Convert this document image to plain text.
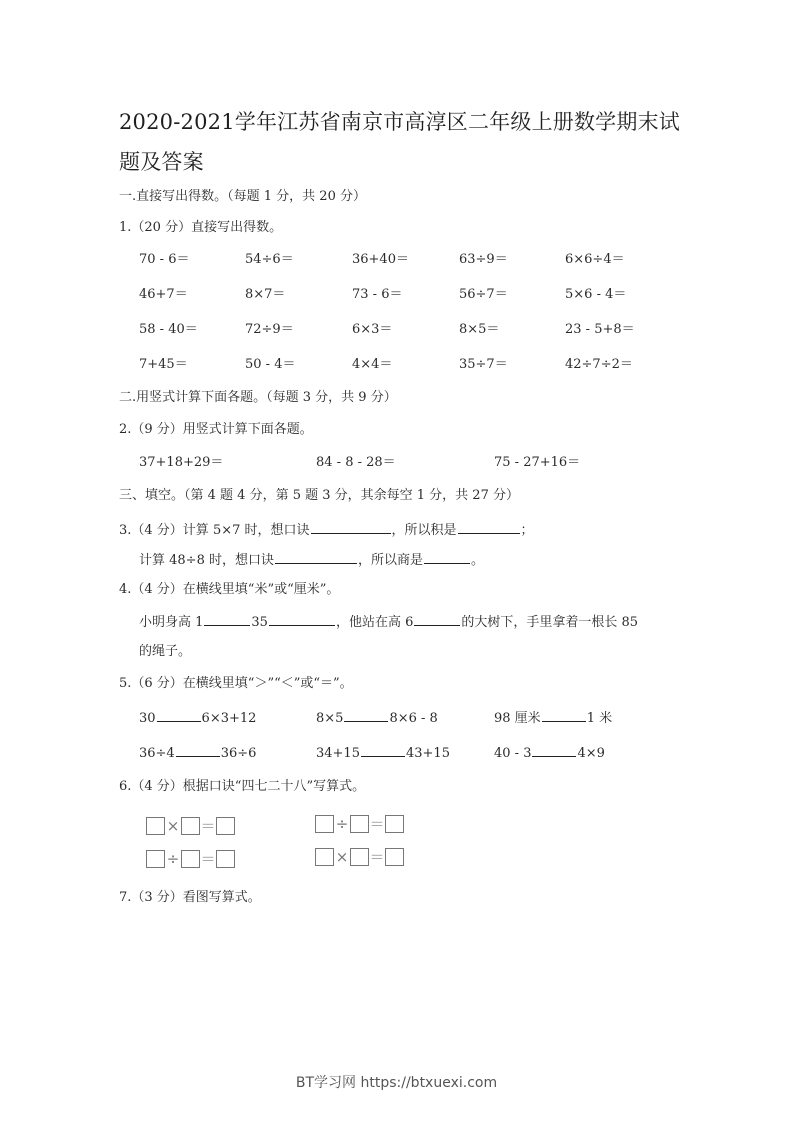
2020-2021学年江苏省南京市高淳区二年级上册数学期末试
题及答案
一.直接写出得数。（每题 1 分，共 20 分）
1.（20 分）直接写出得数。
70 - 6＝	54÷6＝	36+40＝	63÷9＝	6×6÷4＝
46+7＝	8×7＝	73 - 6＝	56÷7＝	5×6 - 4＝
58 - 40＝	72÷9＝	6×3＝	8×5＝	23 - 5+8＝
7+45＝	50 - 4＝	4×4＝	35÷7＝	42÷7÷2＝
二.用竖式计算下面各题。（每题 3 分，共 9 分）
2.（9 分）用竖式计算下面各题。
37+18+29＝	84 - 8 - 28＝	75 - 27+16＝
三、填空。（第 4 题 4 分，第 5 题 3 分，其余每空 1 分，共 27 分）
3.（4 分）计算 5×7 时，想口诀	，所以积是	；
计算 48÷8 时，想口诀	，所以商是	。
4.（4 分）在横线里填“米”或“厘米”。
小明身高 1	35	，他站在高 6	的大树下，手里拿着一根长 85
的绳子。
5.（6 分）在横线里填“＞”“＜”或“＝”。
30	6×3+12	8×5	8×6 - 8	98 厘米	1 米
36÷4	36÷6	34+15	43+15	40 - 3	4×9
6.（4 分）根据口诀“四七二十八”写算式。
× ＝
÷ ＝
÷ ＝
× ＝
7.（3 分）看图写算式。
BT学习网 https://btxuexi.com
